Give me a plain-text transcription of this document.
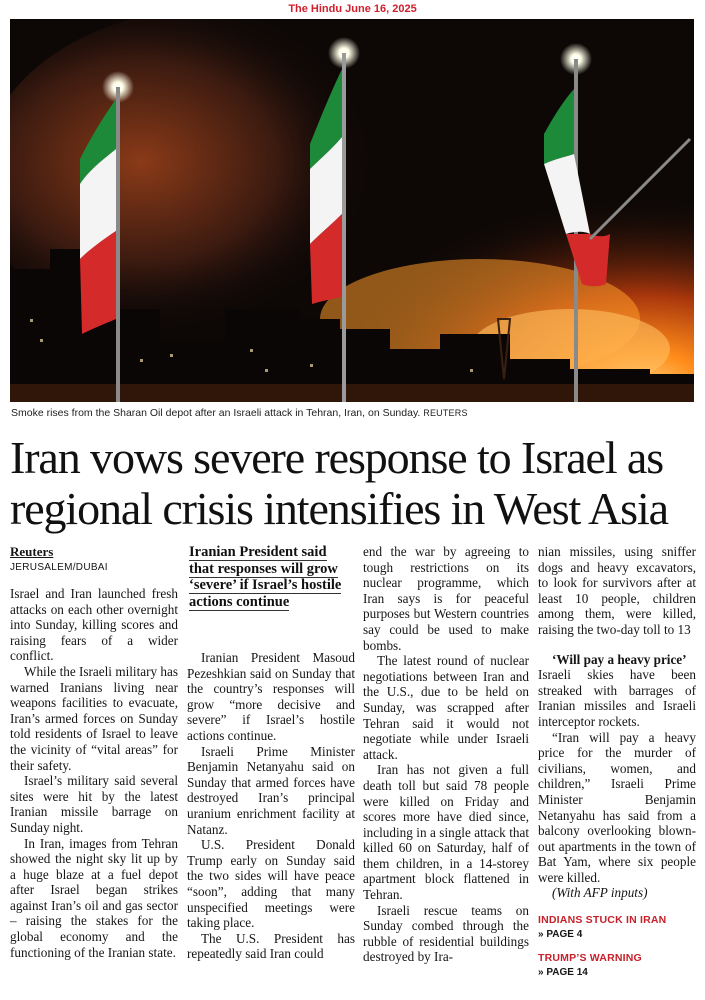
The Hindu June 16, 2025
Smoke rises from the Sharan Oil depot after an Israeli attack in Tehran, Iran, on Sunday. REUTERS
Iran vows severe response to Israel as regional crisis intensifies in West Asia
Reuters
JERUSALEM/DUBAI

Israel and Iran launched fresh attacks on each other overnight into Sunday, killing scores and raising fears of a wider conflict.

While the Israeli military has warned Iranians living near weapons facilities to evacuate, Iran’s armed forces on Sunday told residents of Israel to leave the vicinity of “vital areas” for their safety.

Israel’s military said several sites were hit by the latest Iranian missile barrage on Sunday night.

In Iran, images from Tehran showed the night sky lit up by a huge blaze at a fuel depot after Israel began strikes against Iran’s oil and gas sector – raising the stakes for the global economy and the functioning of the Iranian state.

Iranian President said that responses will grow ‘severe’ if Israel’s hostile actions continue

Iranian President Masoud Pezeshkian said on Sunday that the country’s responses will grow “more decisive and severe” if Israel’s hostile actions continue.

Israeli Prime Minister Benjamin Netanyahu said on Sunday that armed forces have destroyed Iran’s principal uranium enrichment facility at Natanz.

U.S. President Donald Trump early on Sunday said the two sides will have peace “soon”, adding that many unspecified meetings were taking place.

The U.S. President has repeatedly said Iran could

end the war by agreeing to tough restrictions on its nuclear programme, which Iran says is for peaceful purposes but Western countries say could be used to make bombs.

The latest round of nuclear negotiations between Iran and the U.S., due to be held on Sunday, was scrapped after Tehran said it would not negotiate while under Israeli attack.

Iran has not given a full death toll but said 78 people were killed on Friday and scores more have died since, including in a single attack that killed 60 on Saturday, half of them children, in a 14-storey apartment block flattened in Tehran.

Israeli rescue teams on Sunday combed through the rubble of residential buildings destroyed by Ira-

nian missiles, using sniffer dogs and heavy excavators, to look for survivors after at least 10 people, children among them, were killed, raising the two-day toll to 13

‘Will pay a heavy price’

Israeli skies have been streaked with barrages of Iranian missiles and Israeli interceptor rockets.

“Iran will pay a heavy price for the murder of civilians, women, and children,” Israeli Prime Minister Benjamin Netanyahu has said from a balcony overlooking blown-out apartments in the town of Bat Yam, where six people were killed.

(With AFP inputs)

INDIANS STUCK IN IRAN
» PAGE 4
TRUMP’S WARNING
» PAGE 14
